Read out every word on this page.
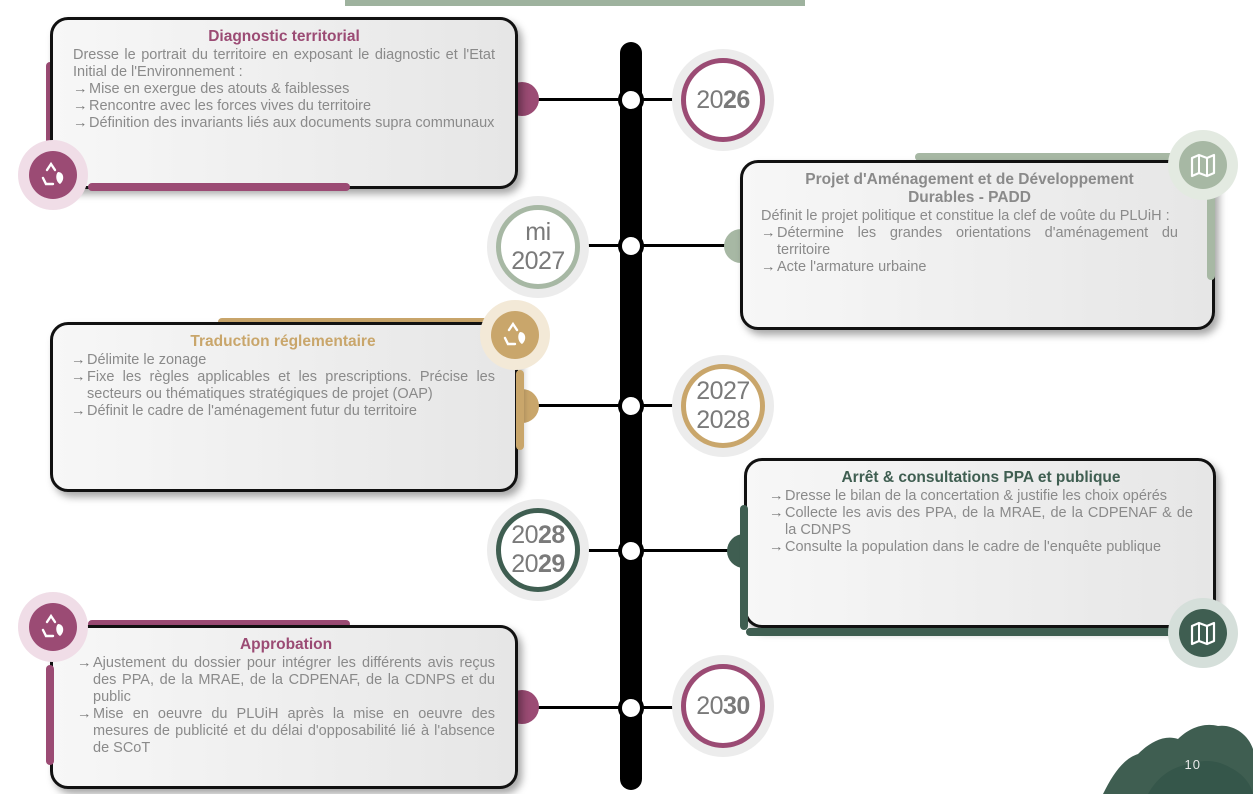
2026
mi
2027
2027
2028
2028
2029
2030
Diagnostic territorial

Dresse le portrait du territoire en exposant le diagnostic et l'Etat Initial de l'Environnement :

→ Mise en exergue des atouts & faiblesses
→ Rencontre avec les forces vives du territoire
→ Définition des invariants liés aux documents supra communaux
Projet d'Aménagement et de Développement Durables - PADD

Définit le projet politique et constitue la clef de voûte du PLUiH :

→ Détermine les grandes orientations d'aménagement du territoire
→ Acte l'armature urbaine
Traduction réglementaire
→ Délimite le zonage
→ Fixe les règles applicables et les prescriptions. Précise les secteurs ou thématiques stratégiques de projet (OAP)
→ Définit le cadre de l'aménagement futur du territoire
Arrêt & consultations PPA et publique
→ Dresse le bilan de la concertation & justifie les choix opérés
→ Collecte les avis des PPA, de la MRAE, de la CDPENAF & de la CDNPS
→ Consulte la population dans le cadre de l'enquête publique
Approbation
→ Ajustement du dossier pour intégrer les différents avis reçus des PPA, de la MRAE, de la CDPENAF, de la CDNPS et du public
→ Mise en oeuvre du PLUiH après la mise en oeuvre des mesures de publicité et du délai d'opposabilité lié à l'absence de SCoT
10
